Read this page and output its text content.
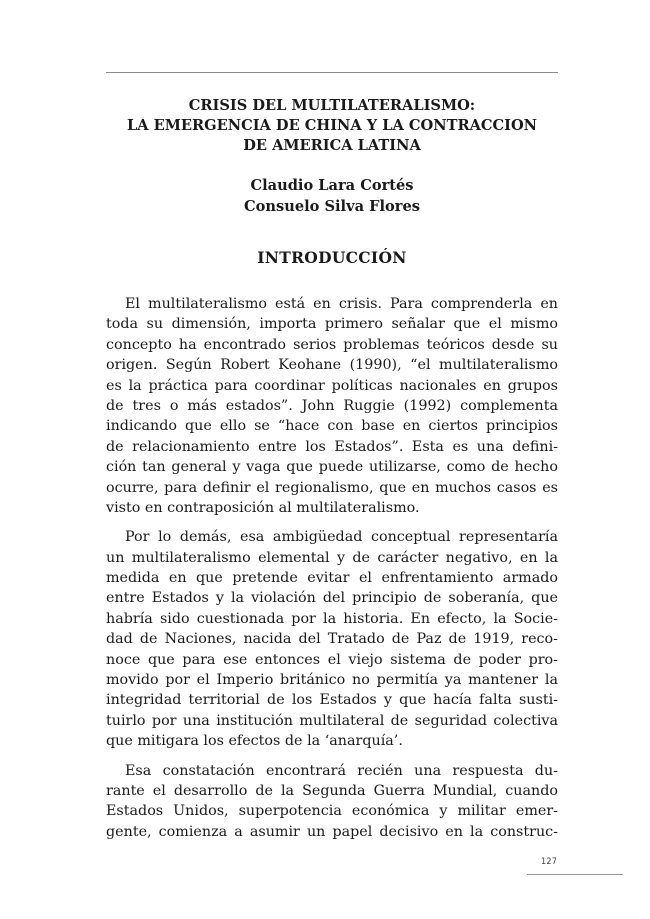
CRISIS DEL MULTILATERALISMO:
LA EMERGENCIA DE CHINA Y LA CONTRACCION
DE AMERICA LATINA
Claudio Lara Cortés
Consuelo Silva Flores
INTRODUCCIÓN

El multilateralismo está en crisis. Para comprenderla en
toda su dimensión, importa primero señalar que el mismo
concepto ha encontrado serios problemas teóricos desde su
origen. Según Robert Keohane (1990), “el multilateralismo
es la práctica para coordinar políticas nacionales en grupos
de tres o más estados”. John Ruggie (1992) complementa
indicando que ello se “hace con base en ciertos principios
de relacionamiento entre los Estados”. Esta es una defini-
ción tan general y vaga que puede utilizarse, como de hecho
ocurre, para definir el regionalismo, que en muchos casos es
visto en contraposición al multilateralismo.

Por lo demás, esa ambigüedad conceptual representaría
un multilateralismo elemental y de carácter negativo, en la
medida en que pretende evitar el enfrentamiento armado
entre Estados y la violación del principio de soberanía, que
habría sido cuestionada por la historia. En efecto, la Socie-
dad de Naciones, nacida del Tratado de Paz de 1919, reco-
noce que para ese entonces el viejo sistema de poder pro-
movido por el Imperio británico no permitía ya mantener la
integridad territorial de los Estados y que hacía falta susti-
tuirlo por una institución multilateral de seguridad colectiva
que mitigara los efectos de la ‘anarquía’.

Esa constatación encontrará recién una respuesta du-
rante el desarrollo de la Segunda Guerra Mundial, cuando
Estados Unidos, superpotencia económica y militar emer-
gente, comienza a asumir un papel decisivo en la construc-

127
